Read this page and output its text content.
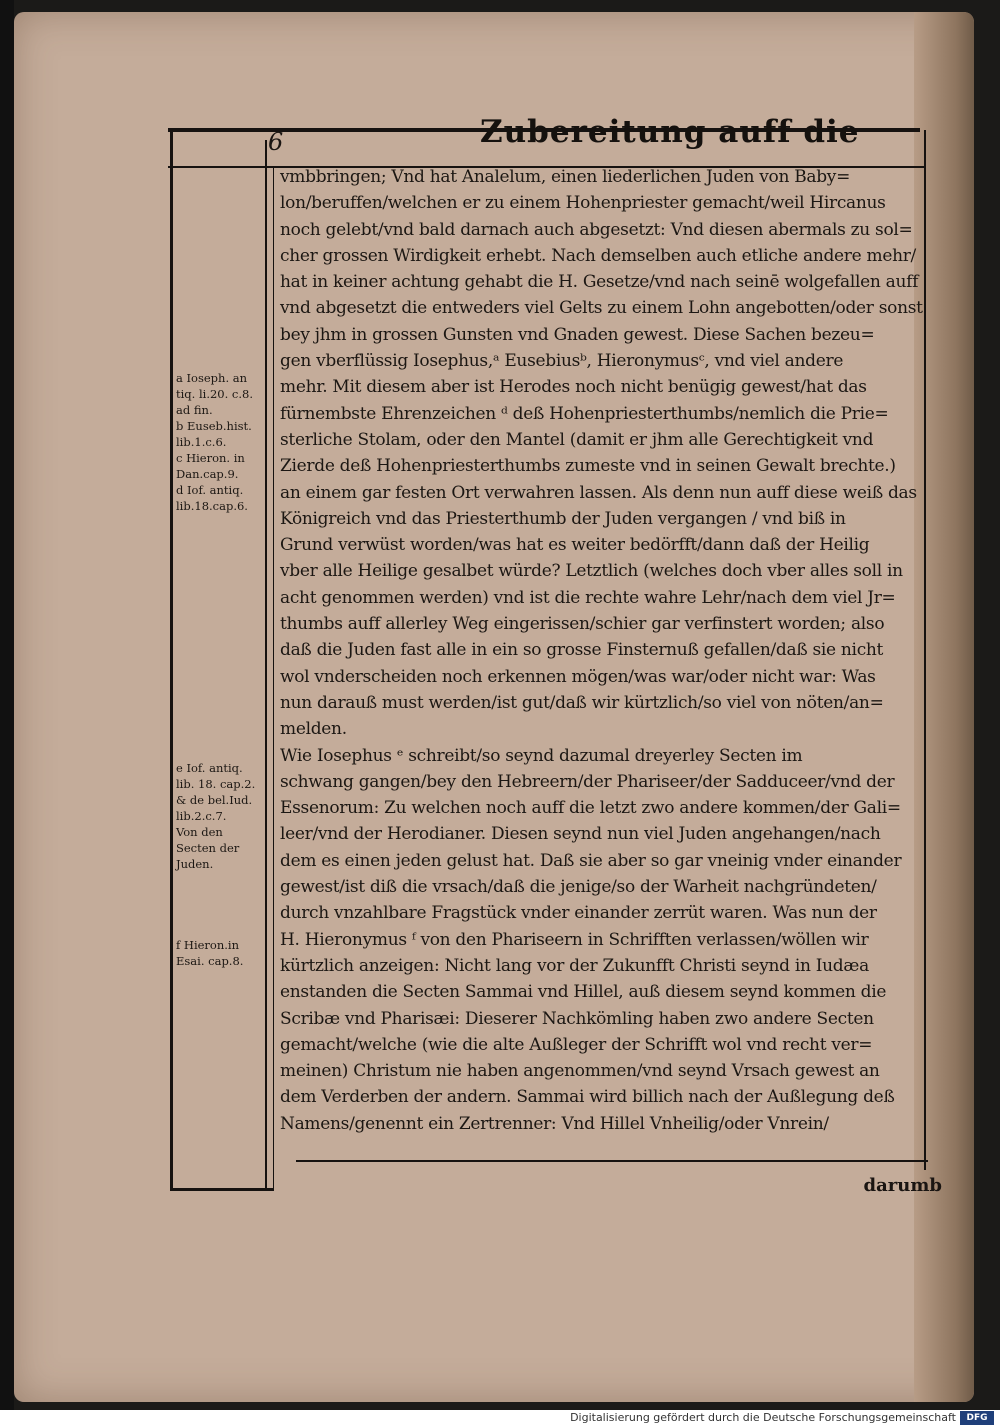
6	Zubereitung auff die
vmbbringen; Vnd hat Analelum, einen liederlichen Juden von Baby=
lon/beruffen/welchen er zu einem Hohenpriester gemacht/weil Hircanus
noch gelebt/vnd bald darnach auch abgesetzt: Vnd diesen abermals zu sol=
cher grossen Wirdigkeit erhebt. Nach demselben auch etliche andere mehr/
hat in keiner achtung gehabt die H. Gesetze/vnd nach seinē wolgefallen auff
vnd abgesetzt die entweders viel Gelts zu einem Lohn angebotten/oder sonst
bey jhm in grossen Gunsten vnd Gnaden gewest. Diese Sachen bezeu=
gen vberflüssig Iosephus,ᵃ Eusebiusᵇ, Hieronymusᶜ, vnd viel andere
mehr. Mit diesem aber ist Herodes noch nicht benügig gewest/hat das
fürnembste Ehrenzeichen ᵈ deß Hohenpriesterthumbs/nemlich die Prie=
sterliche Stolam, oder den Mantel (damit er jhm alle Gerechtigkeit vnd
Zierde deß Hohenpriesterthumbs zumeste vnd in seinen Gewalt brechte.)
an einem gar festen Ort verwahren lassen. Als denn nun auff diese weiß das
Königreich vnd das Priesterthumb der Juden vergangen / vnd biß in
Grund verwüst worden/was hat es weiter bedörfft/dann daß der Heilig
vber alle Heilige gesalbet würde? Letztlich (welches doch vber alles soll in
acht genommen werden) vnd ist die rechte wahre Lehr/nach dem viel Jr=
thumbs auff allerley Weg eingerissen/schier gar verfinstert worden; also
daß die Juden fast alle in ein so grosse Finsternuß gefallen/daß sie nicht
wol vnderscheiden noch erkennen mögen/was war/oder nicht war: Was
nun darauß must werden/ist gut/daß wir kürtzlich/so viel von nöten/an=
melden.
Wie Iosephus ᵉ schreibt/so seynd dazumal dreyerley Secten im
schwang gangen/bey den Hebreern/der Phariseer/der Sadduceer/vnd der
Essenorum: Zu welchen noch auff die letzt zwo andere kommen/der Gali=
leer/vnd der Herodianer. Diesen seynd nun viel Juden angehangen/nach
dem es einen jeden gelust hat. Daß sie aber so gar vneinig vnder einander
gewest/ist diß die vrsach/daß die jenige/so der Warheit nachgründeten/
durch vnzahlbare Fragstück vnder einander zerrüt waren. Was nun der
H. Hieronymus ᶠ von den Phariseern in Schrifften verlassen/wöllen wir
kürtzlich anzeigen: Nicht lang vor der Zukunfft Christi seynd in Iudæa
enstanden die Secten Sammai vnd Hillel, auß diesem seynd kommen die
Scribæ vnd Pharisæi: Dieserer Nachkömling haben zwo andere Secten
gemacht/welche (wie die alte Außleger der Schrifft wol vnd recht ver=
meinen) Christum nie haben angenommen/vnd seynd Vrsach gewest an
dem Verderben der andern. Sammai wird billich nach der Außlegung deß
Namens/genennt ein Zertrenner: Vnd Hillel Vnheilig/oder Vnrein/
a Ioseph. an
tiq. li.20. c.8.
ad fin.
b Euseb.hist.
lib.1.c.6.
c Hieron. in
Dan.cap.9.
d Iof. antiq.
lib.18.cap.6.
e Iof. antiq.
lib. 18. cap.2.
& de bel.Iud.
lib.2.c.7.
Von den
Secten der
Juden.
f Hieron.in
Esai. cap.8.
darumb
Digitalisierung gefördert durch die Deutsche Forschungsgemeinschaft	DFG
